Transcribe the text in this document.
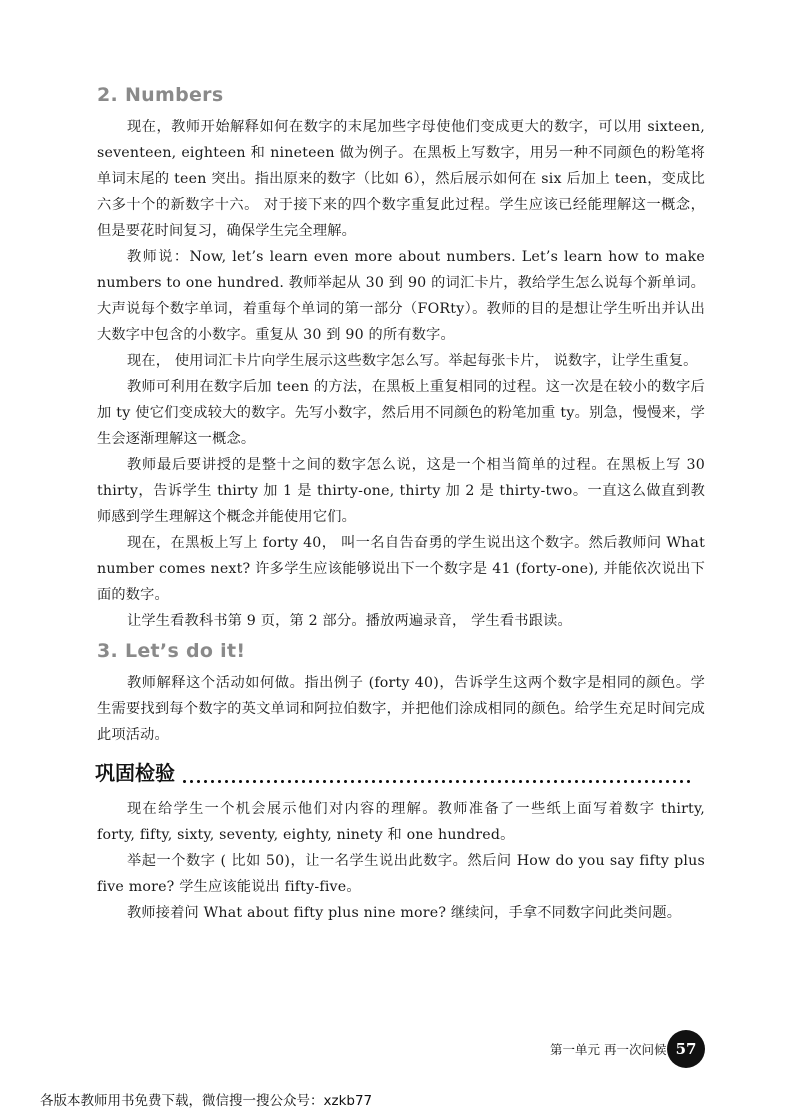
2. Numbers

现在，教师开始解释如何在数字的末尾加些字母使他们变成更大的数字，可以用 sixteen, seventeen, eighteen 和 nineteen 做为例子。在黑板上写数字，用另一种不同颜色的粉笔将单词末尾的 teen 突出。指出原来的数字（比如 6），然后展示如何在 six 后加上 teen，变成比六多十个的新数字十六。 对于接下来的四个数字重复此过程。学生应该已经能理解这一概念， 但是要花时间复习，确保学生完全理解。

教师说：Now, let’s learn even more about numbers. Let’s learn how to make numbers to one hundred. 教师举起从 30 到 90 的词汇卡片，教给学生怎么说每个新单词。大声说每个数字单词，着重每个单词的第一部分（FORty）。教师的目的是想让学生听出并认出大数字中包含的小数字。重复从 30 到 90 的所有数字。

现在， 使用词汇卡片向学生展示这些数字怎么写。举起每张卡片， 说数字，让学生重复。

教师可利用在数字后加 teen 的方法，在黑板上重复相同的过程。这一次是在较小的数字后加 ty 使它们变成较大的数字。先写小数字，然后用不同颜色的粉笔加重 ty。别急，慢慢来，学生会逐渐理解这一概念。

教师最后要讲授的是整十之间的数字怎么说，这是一个相当简单的过程。在黑板上写 30 thirty，告诉学生 thirty 加 1 是 thirty-one, thirty 加 2 是 thirty-two。一直这么做直到教师感到学生理解这个概念并能使用它们。

现在，在黑板上写上 forty 40， 叫一名自告奋勇的学生说出这个数字。然后教师问 What number comes next? 许多学生应该能够说出下一个数字是 41 (forty-one), 并能依次说出下面的数字。

让学生看教科书第 9 页，第 2 部分。播放两遍录音， 学生看书跟读。

3. Let’s do it!

教师解释这个活动如何做。指出例子 (forty 40)，告诉学生这两个数字是相同的颜色。学生需要找到每个数字的英文单词和阿拉伯数字，并把他们涂成相同的颜色。给学生充足时间完成此项活动。

巩固检验

现在给学生一个机会展示他们对内容的理解。教师准备了一些纸上面写着数字 thirty, forty, fifty, sixty, seventy, eighty, ninety 和 one hundred。

举起一个数字 ( 比如 50)，让一名学生说出此数字。然后问 How do you say fifty plus five more? 学生应该能说出 fifty-five。

教师接着问 What about fifty plus nine more? 继续问，手拿不同数字问此类问题。

第一单元 再一次问候 57
各版本教师用书免费下载，微信搜一搜公众号：xzkb77
